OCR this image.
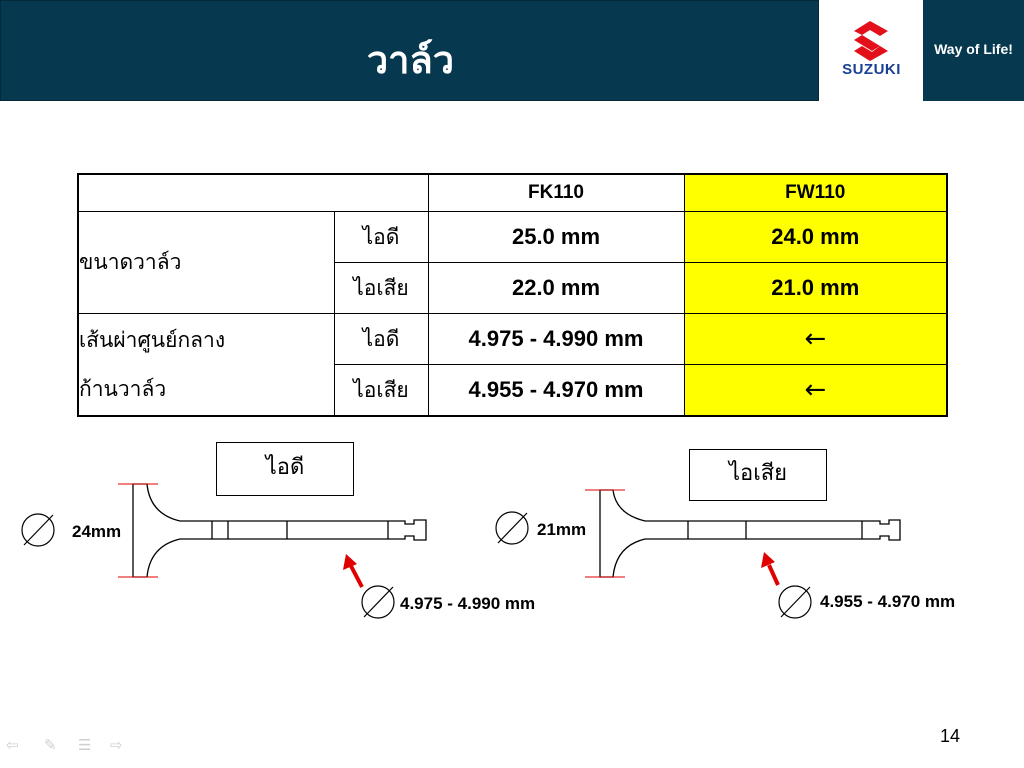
วาล์ว	SUZUKI
Way of Life!
		FK110	FW110
ขนาดวาล์ว	ไอดี	25.0 mm	24.0 mm
	ไอเสีย	22.0 mm	21.0 mm
เส้นผ่าศูนย์กลาง
ก้านวาล์ว	ไอดี	4.975 - 4.990 mm	←
	ไอเสีย	4.955 - 4.970 mm	←
ไอดี	ไอเสีย
24mm
4.975 - 4.990 mm
21mm
4.955 - 4.970 mm
14
⇦	✎	☰	⇨
